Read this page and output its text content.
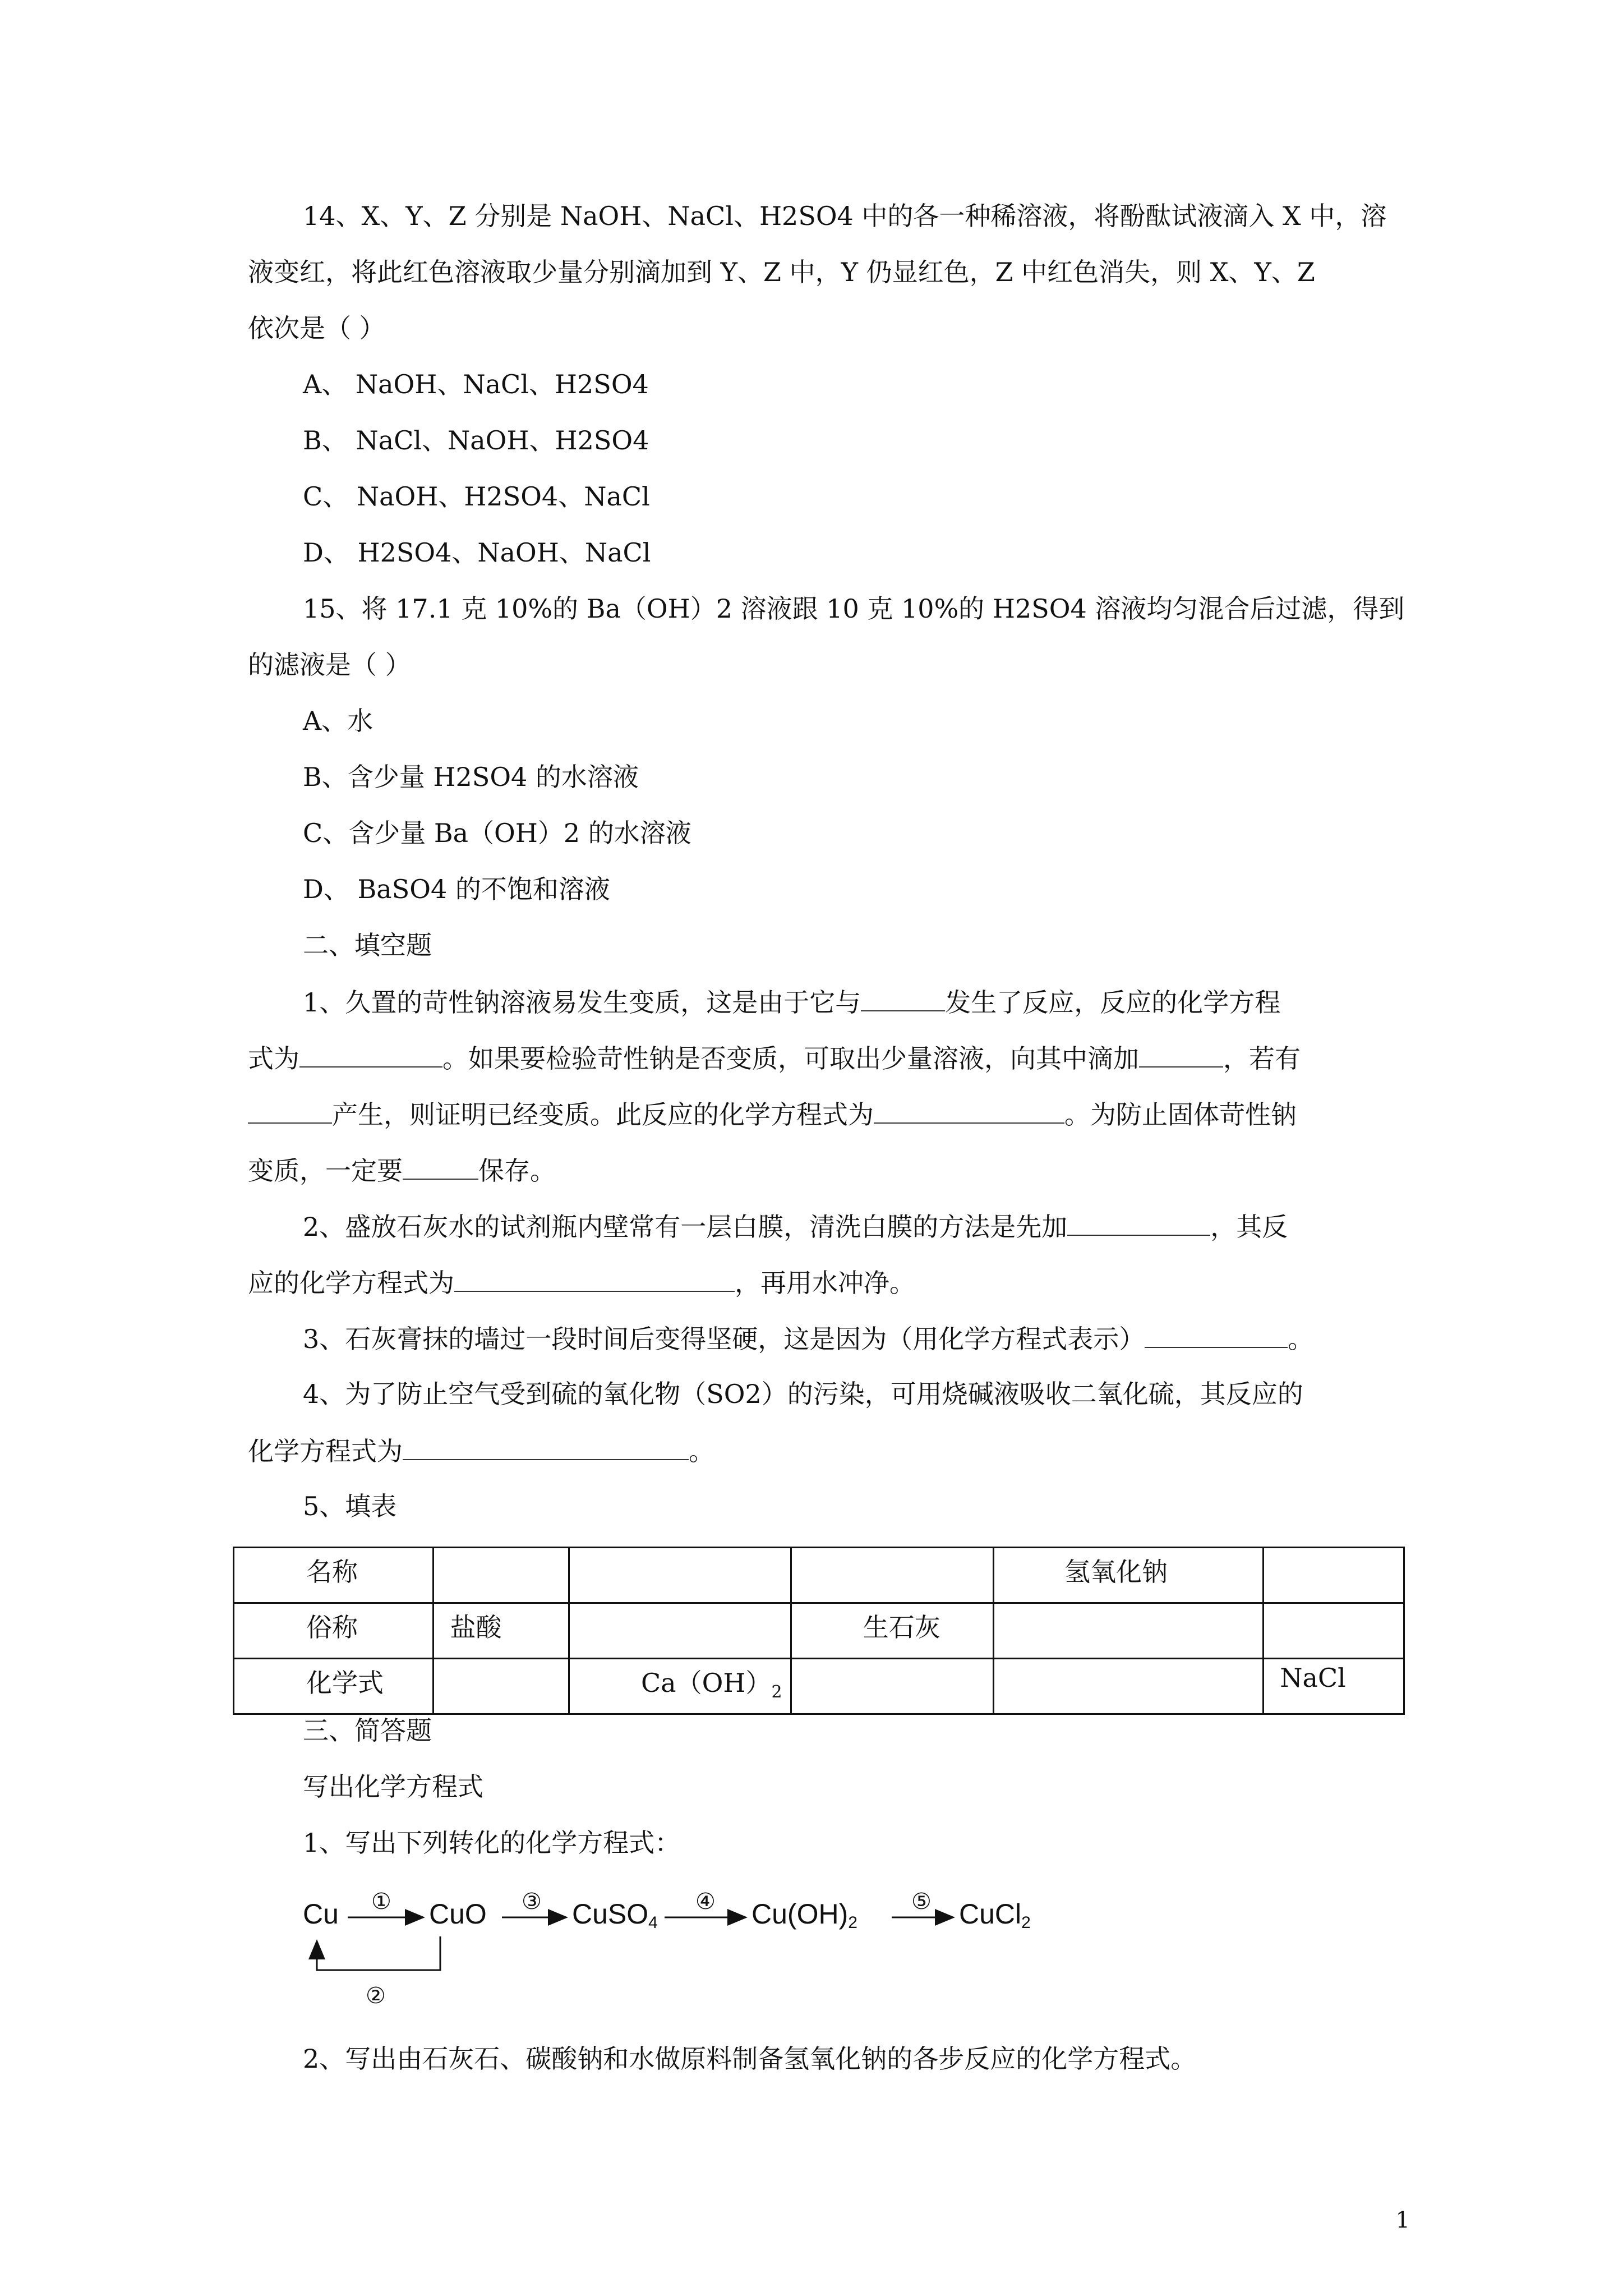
14、X、Y、Z 分别是 NaOH、NaCl、H2SO4 中的各一种稀溶液，将酚酞试液滴入 X 中，溶
液变红，将此红色溶液取少量分别滴加到 Y、Z 中，Y 仍显红色，Z 中红色消失，则 X、Y、Z
依次是（ ）
A、 NaOH、NaCl、H2SO4
B、 NaCl、NaOH、H2SO4
C、 NaOH、H2SO4、NaCl
D、 H2SO4、NaOH、NaCl
15、将 17.1 克 10%的 Ba（OH）2 溶液跟 10 克 10%的 H2SO4 溶液均匀混合后过滤，得到
的滤液是（ ）
A、水
B、含少量 H2SO4 的水溶液
C、含少量 Ba（OH）2 的水溶液
D、 BaSO4 的不饱和溶液
二、填空题
1、久置的苛性钠溶液易发生变质，这是由于它与	发生了反应，反应的化学方程
式为	。如果要检验苛性钠是否变质，可取出少量溶液，向其中滴加	，若有
产生，则证明已经变质。此反应的化学方程式为	。为防止固体苛性钠
变质，一定要	保存。
2、盛放石灰水的试剂瓶内壁常有一层白膜，清洗白膜的方法是先加	，其反
应的化学方程式为	，再用水冲净。
3、石灰膏抹的墙过一段时间后变得坚硬，这是因为（用化学方程式表示）	。
4、为了防止空气受到硫的氧化物（SO2）的污染，可用烧碱液吸收二氧化硫，其反应的
化学方程式为	。
5、填表
名称				氢氧化钠	
俗称	盐酸		生石灰		
化学式		$Ca(OH)_2$			NaCl
三、简答题
写出化学方程式
1、写出下列转化的化学方程式：
Cu	CuO	CuSO$_4$	$Cu(OH)_2$	CuCl$_2$
①
②
③	④	⑤
2、写出由石灰石、碳酸钠和水做原料制备氢氧化钠的各步反应的化学方程式。
1
